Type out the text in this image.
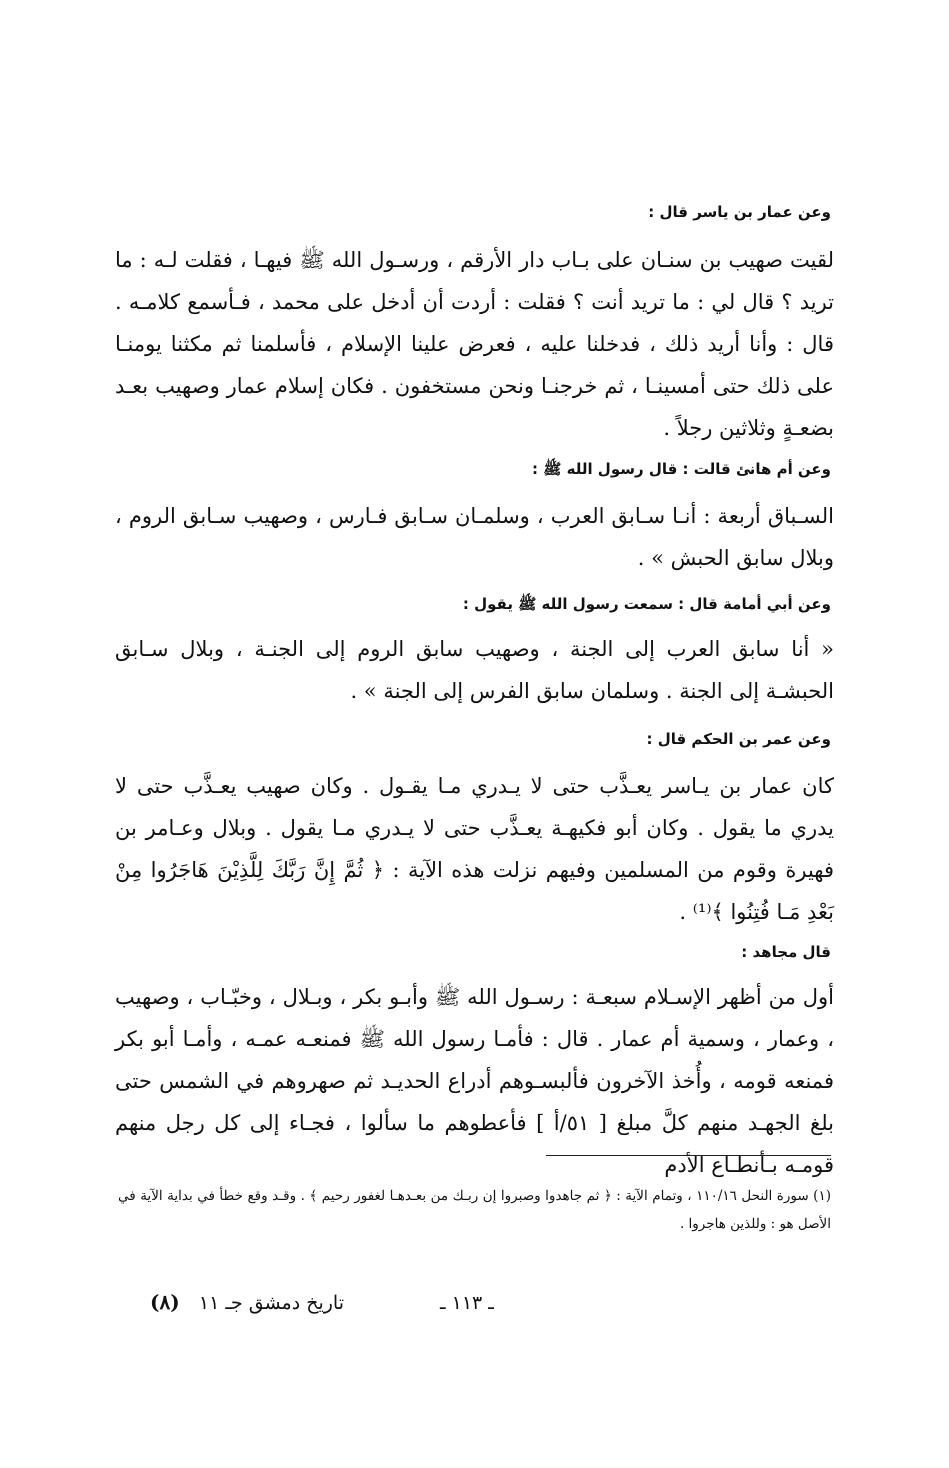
وعن عمار بن ياسر قال :
لقيت صهيب بن سنـان على بـاب دار الأرقم ، ورسـول الله ﷺ فيهـا ، فقلت لـه : ما تريد ؟ قال لي : ما تريد أنت ؟ فقلت : أردت أن أدخل على محمد ، فـأسمع كلامـه . قال : وأنا أريد ذلك ، فدخلنا عليه ، فعرض علينا الإسلام ، فأسلمنا ثم مكثنا يومنـا على ذلك حتى أمسينـا ، ثم خرجنـا ونحن مستخفون . فكان إسلام عمار وصهيب بعـد بضعـةٍ وثلاثين رجلاً .
وعن أم هانئ قالت : قال رسول الله ﷺ :
السـباق أربعة : أنـا سـابق العرب ، وسلمـان سـابق فـارس ، وصهيب سـابق الروم ، وبلال سابق الحبش » .
وعن أبي أمامة قال : سمعت رسول الله ﷺ يقول :
« أنا سابق العرب إلى الجنة ، وصهيب سابق الروم إلى الجنـة ، وبلال سـابق الحبشـة إلى الجنة . وسلمان سابق الفرس إلى الجنة » .
وعن عمر بن الحكم قال :
كان عمار بن يـاسر يعـذَّب حتى لا يـدري مـا يقـول . وكان صهيب يعـذَّب حتى لا يدري ما يقول . وكان أبو فكيهـة يعـذَّب حتى لا يـدري مـا يقول . وبلال وعـامر بن فهيرة وقوم من المسلمين وفيهم نزلت هذه الآية : ﴿ ثُمَّ إِنَّ رَبَّكَ لِلَّذِيْنَ هَاجَرُوا مِنْ بَعْدِ مَـا فُتِنُوا ﴾⁽¹⁾ .
قال مجاهد :
أول من أظهر الإسـلام سبعـة : رسـول الله ﷺ وأبـو بكر ، وبـلال ، وخبّـاب ، وصهيب ، وعمار ، وسمية أم عمار . قال : فأمـا رسول الله ﷺ فمنعـه عمـه ، وأمـا أبو بكر فمنعه قومه ، وأُخذ الآخرون فألبسـوهم أدراع الحديـد ثم صهروهم في الشمس حتى بلغ الجهـد منهم كلَّ مبلغ [ ٥١/أ ] فأعطوهم ما سألوا ، فجـاء إلى كل رجل منهم قومـه بـأنطـاع الأدم
(١) سورة النحل ١١٠/١٦ ، وتمام الآية : ﴿ ثم جاهدوا وصبروا إن ربـك من بعـدهـا لغفور رحيم ﴾ . وقـد وقع خطأ في بداية الآية في الأصل هو : وللذين هاجروا .
تاريخ دمشق جـ ١١
(٨)	ـ ١١٣ ـ
